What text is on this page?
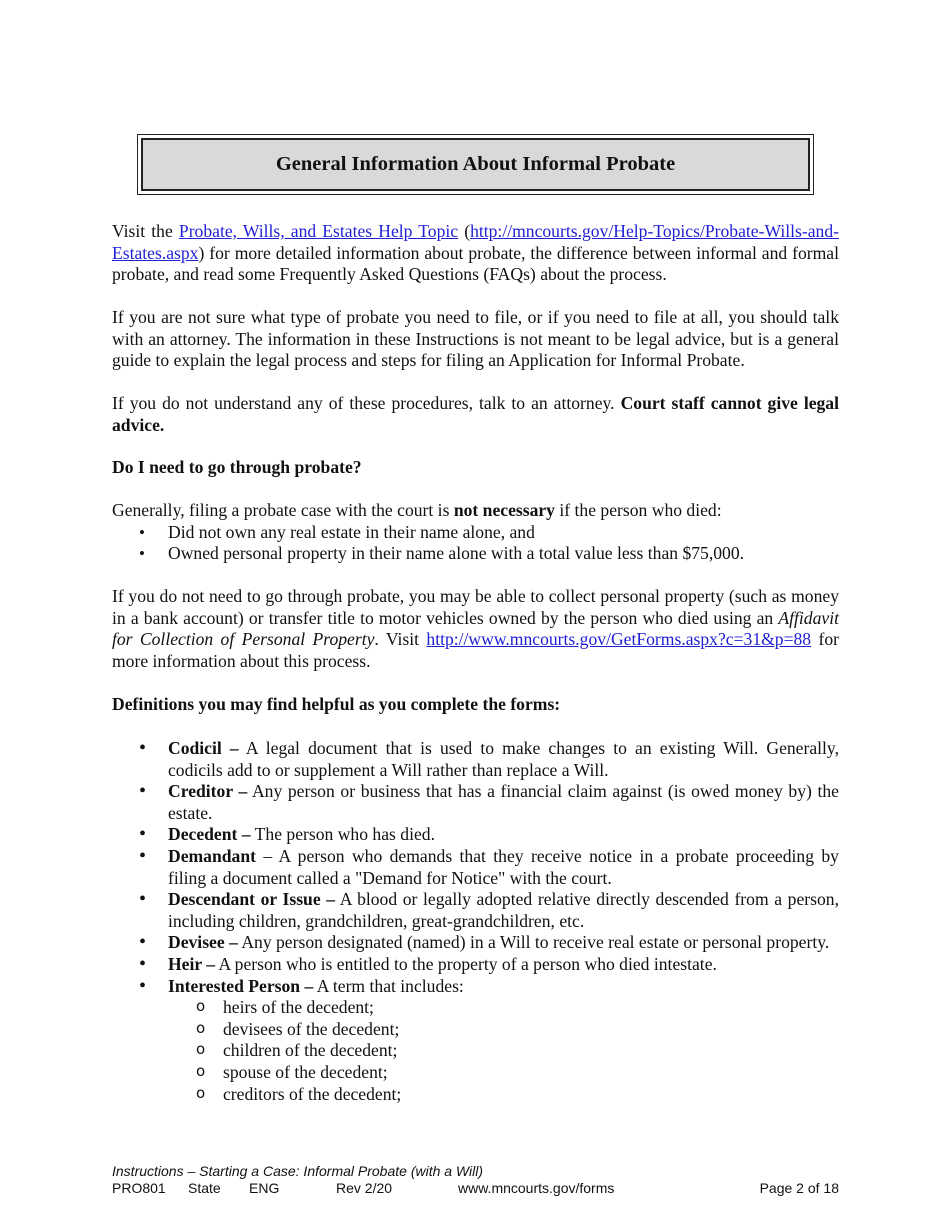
General Information About Informal Probate

Visit the Probate, Wills, and Estates Help Topic (http://mncourts.gov/Help-Topics/Probate-Wills-and-Estates.aspx) for more detailed information about probate, the difference between informal and formal probate, and read some Frequently Asked Questions (FAQs) about the process.

If you are not sure what type of probate you need to file, or if you need to file at all, you should talk with an attorney. The information in these Instructions is not meant to be legal advice, but is a general guide to explain the legal process and steps for filing an Application for Informal Probate.

If you do not understand any of these procedures, talk to an attorney. Court staff cannot give legal advice.

Do I need to go through probate?

Generally, filing a probate case with the court is not necessary if the person who died:

• Did not own any real estate in their name alone, and
• Owned personal property in their name alone with a total value less than $75,000.

If you do not need to go through probate, you may be able to collect personal property (such as money in a bank account) or transfer title to motor vehicles owned by the person who died using an Affidavit for Collection of Personal Property. Visit http://www.mncourts.gov/GetForms.aspx?c=31&p=88 for more information about this process.

Definitions you may find helpful as you complete the forms:

• Codicil – A legal document that is used to make changes to an existing Will. Generally, codicils add to or supplement a Will rather than replace a Will.
• Creditor – Any person or business that has a financial claim against (is owed money by) the estate.
• Decedent – The person who has died.
• Demandant – A person who demands that they receive notice in a probate proceeding by filing a document called a "Demand for Notice" with the court.
• Descendant or Issue – A blood or legally adopted relative directly descended from a person, including children, grandchildren, great-grandchildren, etc.
• Devisee – Any person designated (named) in a Will to receive real estate or personal property.
• Heir – A person who is entitled to the property of a person who died intestate.
• Interested Person – A term that includes:
o heirs of the decedent;
o devisees of the decedent;
o children of the decedent;
o spouse of the decedent;
o creditors of the decedent;
Instructions – Starting a Case: Informal Probate (with a Will)
PRO801 State ENG	Rev 2/20	www.mncourts.gov/forms	Page 2 of 18
